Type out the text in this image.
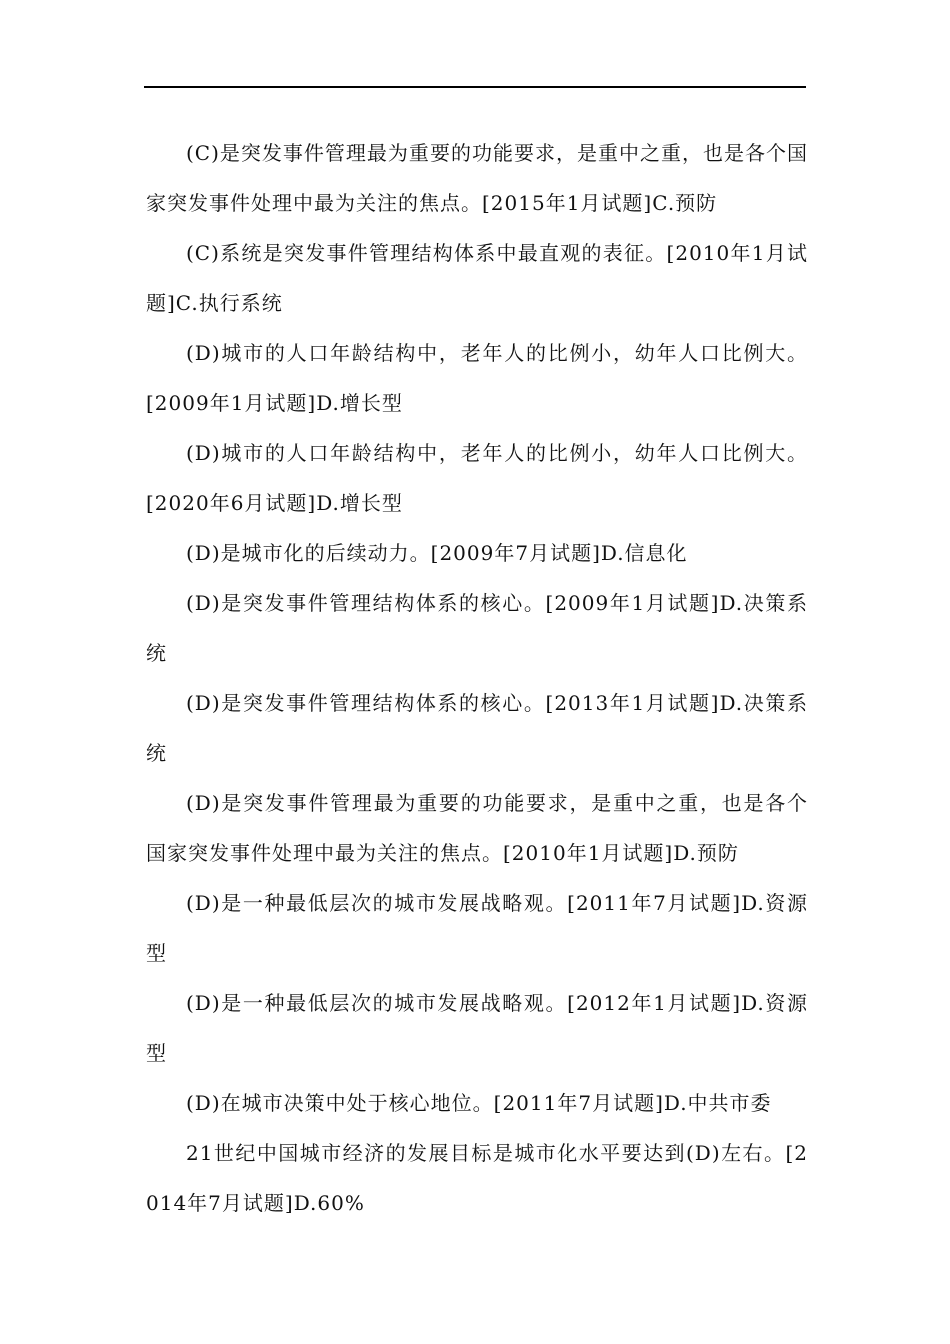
(C)是突发事件管理最为重要的功能要求，是重中之重，也是各个国家突发事件处理中最为关注的焦点。[2015年1月试题]C.预防

(C)系统是突发事件管理结构体系中最直观的表征。[2010年1月试题]C.执行系统

(D)城市的人口年龄结构中，老年人的比例小，幼年人口比例大。[2009年1月试题]D.增长型

(D)城市的人口年龄结构中，老年人的比例小，幼年人口比例大。[2020年6月试题]D.增长型

(D)是城市化的后续动力。[2009年7月试题]D.信息化

(D)是突发事件管理结构体系的核心。[2009年1月试题]D.决策系统

(D)是突发事件管理结构体系的核心。[2013年1月试题]D.决策系统

(D)是突发事件管理最为重要的功能要求，是重中之重，也是各个国家突发事件处理中最为关注的焦点。[2010年1月试题]D.预防

(D)是一种最低层次的城市发展战略观。[2011年7月试题]D.资源型

(D)是一种最低层次的城市发展战略观。[2012年1月试题]D.资源型

(D)在城市决策中处于核心地位。[2011年7月试题]D.中共市委

21世纪中国城市经济的发展目标是城市化水平要达到(D)左右。[2014年7月试题]D.60%
